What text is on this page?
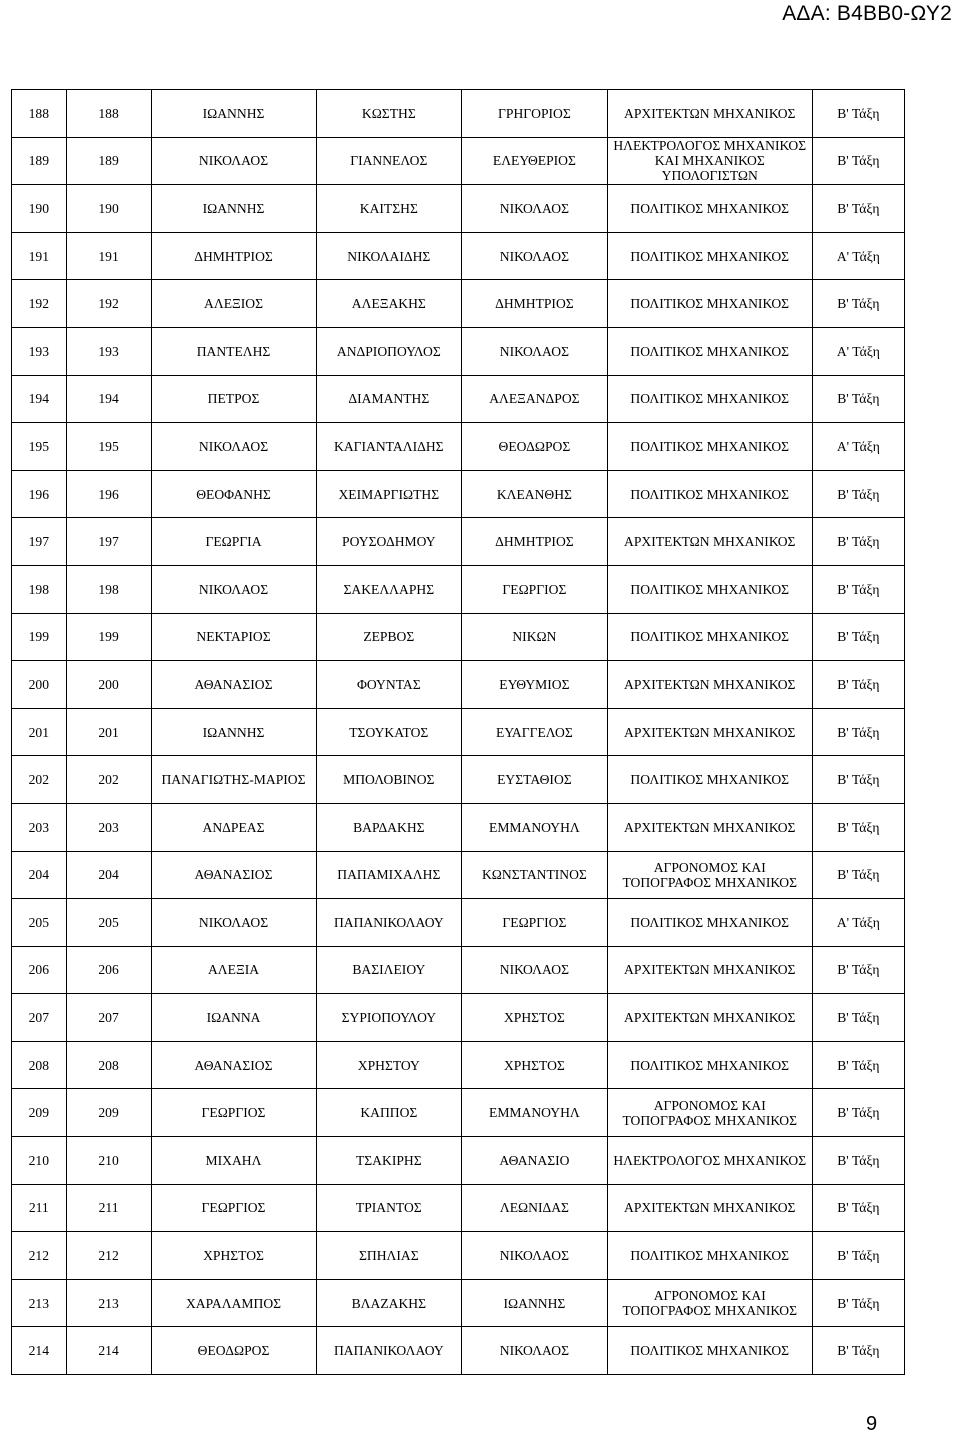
ΑΔΑ: Β4ΒΒ0-ΩΥ2
188	188	ΙΩΑΝΝΗΣ	ΚΩΣΤΗΣ	ΓΡΗΓΟΡΙΟΣ	ΑΡΧΙΤΕΚΤΩΝ ΜΗΧΑΝΙΚΟΣ	Β' Τάξη
189	189	ΝΙΚΟΛΑΟΣ	ΓΙΑΝΝΕΛΟΣ	ΕΛΕΥΘΕΡΙΟΣ	ΗΛΕΚΤΡΟΛΟΓΟΣ ΜΗΧΑΝΙΚΟΣ ΚΑΙ ΜΗΧΑΝΙΚΟΣ ΥΠΟΛΟΓΙΣΤΩΝ	Β' Τάξη
190	190	ΙΩΑΝΝΗΣ	ΚΑΙΤΣΗΣ	ΝΙΚΟΛΑΟΣ	ΠΟΛΙΤΙΚΟΣ ΜΗΧΑΝΙΚΟΣ	Β' Τάξη
191	191	ΔΗΜΗΤΡΙΟΣ	ΝΙΚΟΛΑΙΔΗΣ	ΝΙΚΟΛΑΟΣ	ΠΟΛΙΤΙΚΟΣ ΜΗΧΑΝΙΚΟΣ	Α' Τάξη
192	192	ΑΛΕΞΙΟΣ	ΑΛΕΞΑΚΗΣ	ΔΗΜΗΤΡΙΟΣ	ΠΟΛΙΤΙΚΟΣ ΜΗΧΑΝΙΚΟΣ	Β' Τάξη
193	193	ΠΑΝΤΕΛΗΣ	ΑΝΔΡΙΟΠΟΥΛΟΣ	ΝΙΚΟΛΑΟΣ	ΠΟΛΙΤΙΚΟΣ ΜΗΧΑΝΙΚΟΣ	Α' Τάξη
194	194	ΠΕΤΡΟΣ	ΔΙΑΜΑΝΤΗΣ	ΑΛΕΞΑΝΔΡΟΣ	ΠΟΛΙΤΙΚΟΣ ΜΗΧΑΝΙΚΟΣ	Β' Τάξη
195	195	ΝΙΚΟΛΑΟΣ	ΚΑΓΙΑΝΤΑΛΙΔΗΣ	ΘΕΟΔΩΡΟΣ	ΠΟΛΙΤΙΚΟΣ ΜΗΧΑΝΙΚΟΣ	Α' Τάξη
196	196	ΘΕΟΦΑΝΗΣ	ΧΕΙΜΑΡΓΙΩΤΗΣ	ΚΛΕΑΝΘΗΣ	ΠΟΛΙΤΙΚΟΣ ΜΗΧΑΝΙΚΟΣ	Β' Τάξη
197	197	ΓΕΩΡΓΙΑ	ΡΟΥΣΟΔΗΜΟΥ	ΔΗΜΗΤΡΙΟΣ	ΑΡΧΙΤΕΚΤΩΝ ΜΗΧΑΝΙΚΟΣ	Β' Τάξη
198	198	ΝΙΚΟΛΑΟΣ	ΣΑΚΕΛΛΑΡΗΣ	ΓΕΩΡΓΙΟΣ	ΠΟΛΙΤΙΚΟΣ ΜΗΧΑΝΙΚΟΣ	Β' Τάξη
199	199	ΝΕΚΤΑΡΙΟΣ	ΖΕΡΒΟΣ	ΝΙΚΩΝ	ΠΟΛΙΤΙΚΟΣ ΜΗΧΑΝΙΚΟΣ	Β' Τάξη
200	200	ΑΘΑΝΑΣΙΟΣ	ΦΟΥΝΤΑΣ	ΕΥΘΥΜΙΟΣ	ΑΡΧΙΤΕΚΤΩΝ ΜΗΧΑΝΙΚΟΣ	Β' Τάξη
201	201	ΙΩΑΝΝΗΣ	ΤΣΟΥΚΑΤΟΣ	ΕΥΑΓΓΕΛΟΣ	ΑΡΧΙΤΕΚΤΩΝ ΜΗΧΑΝΙΚΟΣ	Β' Τάξη
202	202	ΠΑΝΑΓΙΩΤΗΣ-ΜΑΡΙΟΣ	ΜΠΟΛΟΒΙΝΟΣ	ΕΥΣΤΑΘΙΟΣ	ΠΟΛΙΤΙΚΟΣ ΜΗΧΑΝΙΚΟΣ	Β' Τάξη
203	203	ΑΝΔΡΕΑΣ	ΒΑΡΔΑΚΗΣ	ΕΜΜΑΝΟΥΗΛ	ΑΡΧΙΤΕΚΤΩΝ ΜΗΧΑΝΙΚΟΣ	Β' Τάξη
204	204	ΑΘΑΝΑΣΙΟΣ	ΠΑΠΑΜΙΧΑΛΗΣ	ΚΩΝΣΤΑΝΤΙΝΟΣ	ΑΓΡΟΝΟΜΟΣ ΚΑΙ ΤΟΠΟΓΡΑΦΟΣ ΜΗΧΑΝΙΚΟΣ	Β' Τάξη
205	205	ΝΙΚΟΛΑΟΣ	ΠΑΠΑΝΙΚΟΛΑΟΥ	ΓΕΩΡΓΙΟΣ	ΠΟΛΙΤΙΚΟΣ ΜΗΧΑΝΙΚΟΣ	Α' Τάξη
206	206	ΑΛΕΞΙΑ	ΒΑΣΙΛΕΙΟΥ	ΝΙΚΟΛΑΟΣ	ΑΡΧΙΤΕΚΤΩΝ ΜΗΧΑΝΙΚΟΣ	Β' Τάξη
207	207	ΙΩΑΝΝΑ	ΣΥΡΙΟΠΟΥΛΟΥ	ΧΡΗΣΤΟΣ	ΑΡΧΙΤΕΚΤΩΝ ΜΗΧΑΝΙΚΟΣ	Β' Τάξη
208	208	ΑΘΑΝΑΣΙΟΣ	ΧΡΗΣΤΟΥ	ΧΡΗΣΤΟΣ	ΠΟΛΙΤΙΚΟΣ ΜΗΧΑΝΙΚΟΣ	Β' Τάξη
209	209	ΓΕΩΡΓΙΟΣ	ΚΑΠΠΟΣ	ΕΜΜΑΝΟΥΗΛ	ΑΓΡΟΝΟΜΟΣ ΚΑΙ ΤΟΠΟΓΡΑΦΟΣ ΜΗΧΑΝΙΚΟΣ	Β' Τάξη
210	210	ΜΙΧΑΗΛ	ΤΣΑΚΙΡΗΣ	ΑΘΑΝΑΣΙΟ	ΗΛΕΚΤΡΟΛΟΓΟΣ ΜΗΧΑΝΙΚΟΣ	Β' Τάξη
211	211	ΓΕΩΡΓΙΟΣ	ΤΡΙΑΝΤΟΣ	ΛΕΩΝΙΔΑΣ	ΑΡΧΙΤΕΚΤΩΝ ΜΗΧΑΝΙΚΟΣ	Β' Τάξη
212	212	ΧΡΗΣΤΟΣ	ΣΠΗΛΙΑΣ	ΝΙΚΟΛΑΟΣ	ΠΟΛΙΤΙΚΟΣ ΜΗΧΑΝΙΚΟΣ	Β' Τάξη
213	213	ΧΑΡΑΛΑΜΠΟΣ	ΒΛΑΖΑΚΗΣ	ΙΩΑΝΝΗΣ	ΑΓΡΟΝΟΜΟΣ ΚΑΙ ΤΟΠΟΓΡΑΦΟΣ ΜΗΧΑΝΙΚΟΣ	Β' Τάξη
214	214	ΘΕΟΔΩΡΟΣ	ΠΑΠΑΝΙΚΟΛΑΟΥ	ΝΙΚΟΛΑΟΣ	ΠΟΛΙΤΙΚΟΣ ΜΗΧΑΝΙΚΟΣ	Β' Τάξη
9
